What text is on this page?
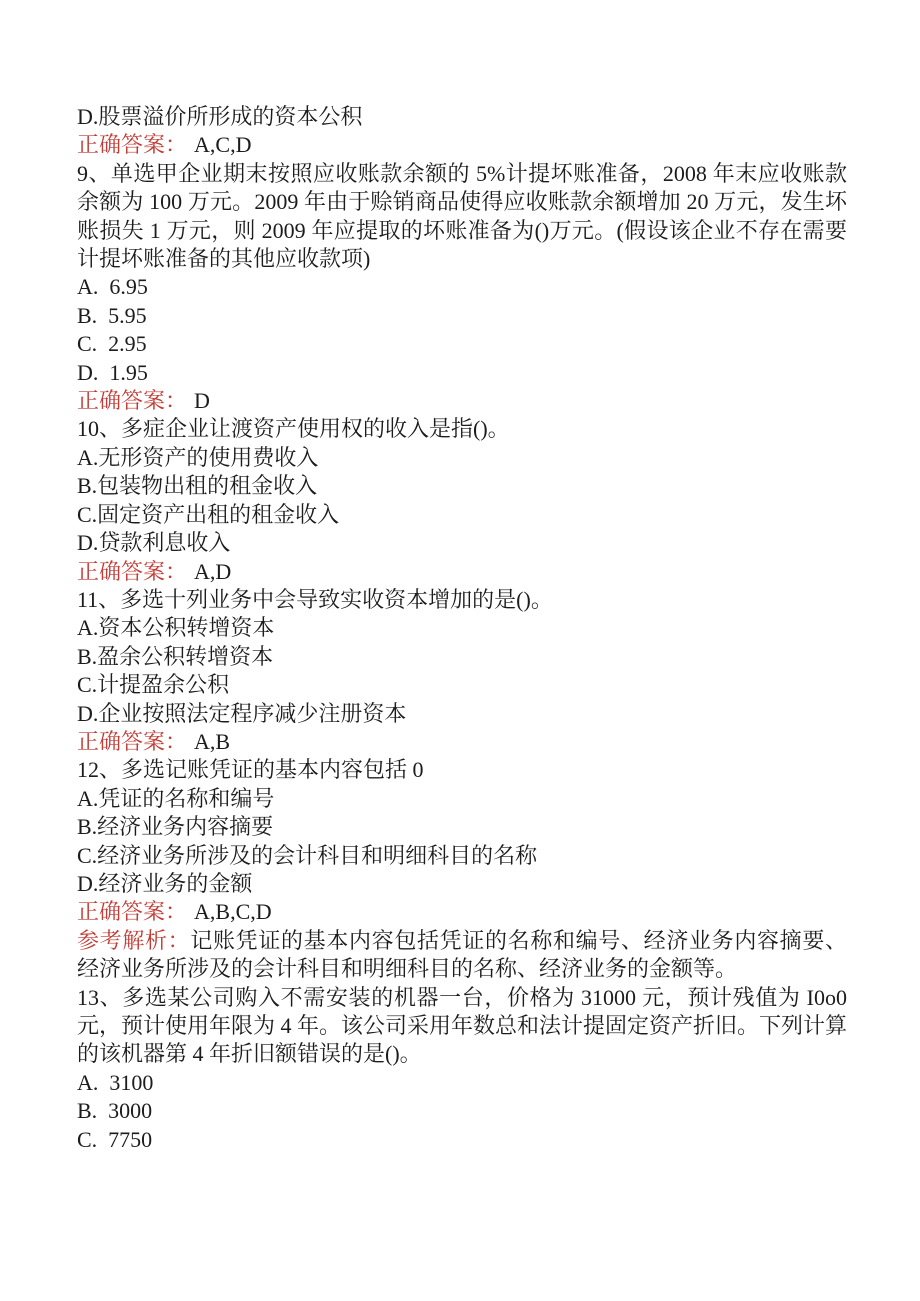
D.股票溢价所形成的资本公积
正确答案： A,C,D
9、单选甲企业期末按照应收账款余额的 5%计提坏账准备，2008 年末应收账款余额为 100 万元。2009 年由于赊销商品使得应收账款余额增加 20 万元，发生坏账损失 1 万元，则 2009 年应提取的坏账准备为()万元。(假设该企业不存在需要计提坏账准备的其他应收款项)
A.  6.95
B.  5.95
C.  2.95
D.  1.95
正确答案： D
10、多症企业让渡资产使用权的收入是指()。
A.无形资产的使用费收入
B.包装物出租的租金收入
C.固定资产出租的租金收入
D.贷款利息收入
正确答案： A,D
11、多选十列业务中会导致实收资本增加的是()。
A.资本公积转增资本
B.盈余公积转增资本
C.计提盈余公积
D.企业按照法定程序减少注册资本
正确答案： A,B
12、多选记账凭证的基本内容包括 0
A.凭证的名称和编号
B.经济业务内容摘要
C.经济业务所涉及的会计科目和明细科目的名称
D.经济业务的金额
正确答案： A,B,C,D
参考解析：记账凭证的基本内容包括凭证的名称和编号、经济业务内容摘要、经济业务所涉及的会计科目和明细科目的名称、经济业务的金额等。
13、多选某公司购入不需安装的机器一台，价格为 31000 元，预计残值为 I0o0 元，预计使用年限为 4 年。该公司采用年数总和法计提固定资产折旧。下列计算的该机器第 4 年折旧额错误的是()。
A.  3100
B.  3000
C.  7750
